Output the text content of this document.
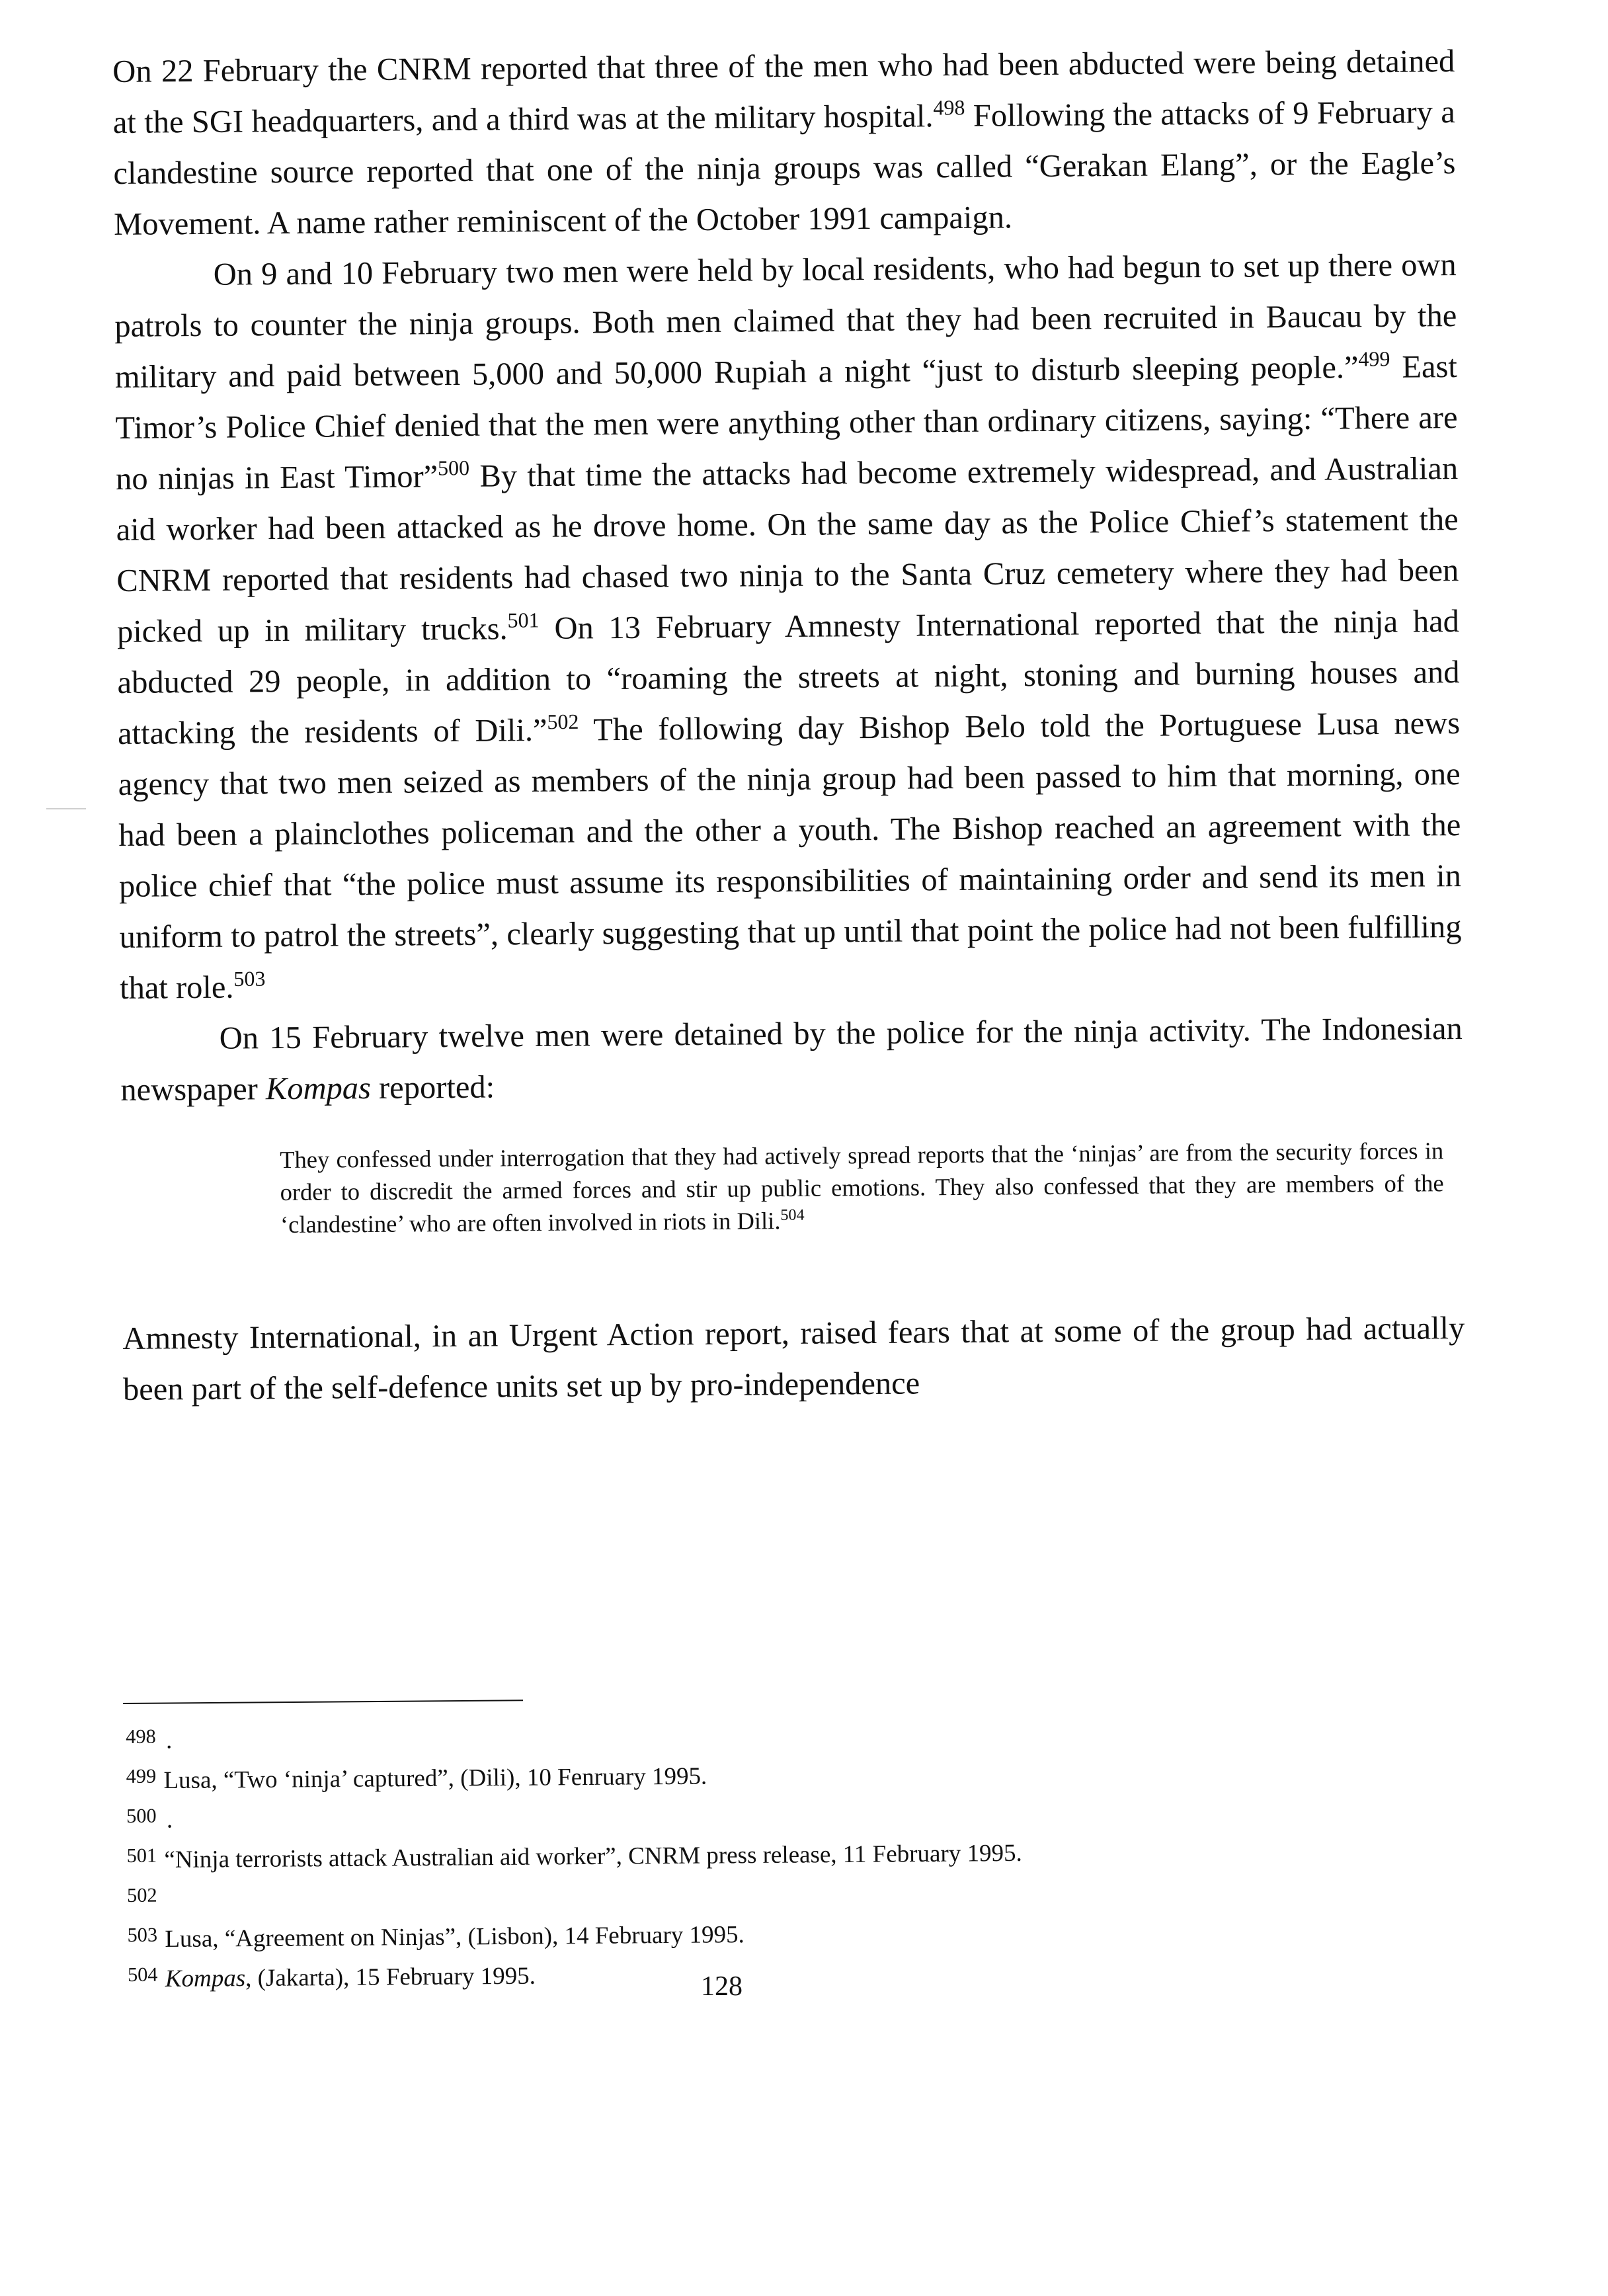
On 22 February the CNRM reported that three of the men who had been abducted were being detained at the SGI headquarters, and a third was at the military hospital.$^{498}$ Following the attacks of 9 February a clandestine source reported that one of the ninja groups was called “Gerakan Elang”, or the Eagle’s Movement. A name rather reminiscent of the October 1991 campaign.

On 9 and 10 February two men were held by local residents, who had begun to set up there own patrols to counter the ninja groups. Both men claimed that they had been recruited in Baucau by the military and paid between 5,000 and 50,000 Rupiah a night “just to disturb sleeping people.”$^{499}$ East Timor’s Police Chief denied that the men were anything other than ordinary citizens, saying: “There are no ninjas in East Timor”$^{500}$ By that time the attacks had become extremely widespread, and Australian aid worker had been attacked as he drove home. On the same day as the Police Chief’s statement the CNRM reported that residents had chased two ninja to the Santa Cruz cemetery where they had been picked up in military trucks.$^{501}$ On 13 February Amnesty International reported that the ninja had abducted 29 people, in addition to “roaming the streets at night, stoning and burning houses and attacking the residents of Dili.”$^{502}$ The following day Bishop Belo told the Portuguese Lusa news agency that two men seized as members of the ninja group had been passed to him that morning, one had been a plainclothes policeman and the other a youth. The Bishop reached an agreement with the police chief that “the police must assume its responsibilities of maintaining order and send its men in uniform to patrol the streets”, clearly suggesting that up until that point the police had not been fulfilling that role.$^{503}$

On 15 February twelve men were detained by the police for the ninja activity. The Indonesian newspaper Kompas reported:

They confessed under interrogation that they had actively spread reports that the ‘ninjas’ are from the security forces in order to discredit the armed forces and stir up public emotions. They also confessed that they are members of the ‘clandestine’ who are often involved in riots in Dili.$^{504}$

Amnesty International, in an Urgent Action report, raised fears that at some of the group had actually been part of the self-defence units set up by pro-independence

$^{498}$ .
$^{499}$ Lusa, “Two ‘ninja’ captured”, (Dili), 10 Fenruary 1995.
$^{500}$ .
$^{501}$ “Ninja terrorists attack Australian aid worker”, CNRM press release, 11 February 1995.
$^{502}$
$^{503}$ Lusa, “Agreement on Ninjas”, (Lisbon), 14 February 1995.
$^{504}$ Kompas, (Jakarta), 15 February 1995.	128
